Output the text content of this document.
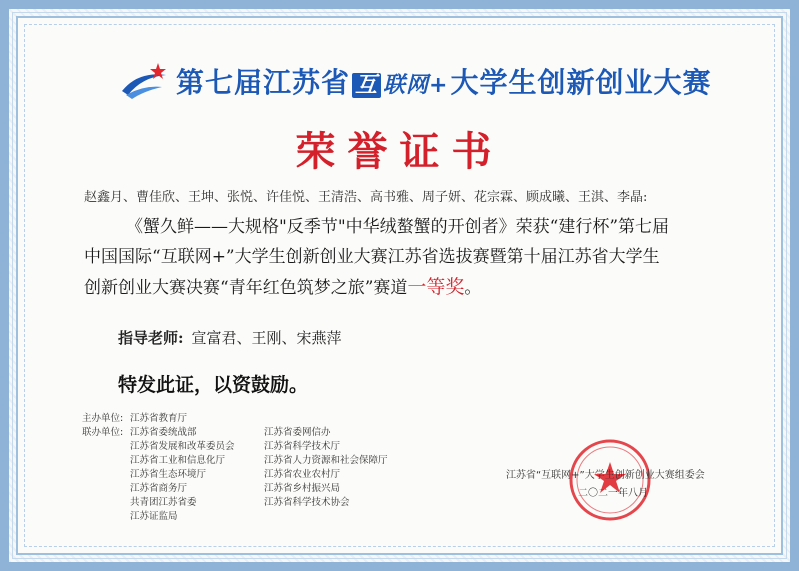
第七届江苏省 互 联网+大学生创新创业大赛
荣誉证书
赵鑫月、曹佳欣、王坤、张悦、许佳悦、王清浩、高书雅、周子妍、花宗霖、顾成曦、王淇、李晶:
《蟹久鲜——大规格"反季节"中华绒螯蟹的开创者》荣获“建行杯”第七届
中国国际“互联网+”大学生创新创业大赛江苏省选拔赛暨第十届江苏省大学生
创新创业大赛决赛“青年红色筑梦之旅”赛道一等奖。
指导老师: 宣富君、王刚、宋燕萍
特发此证，以资鼓励。
主办单位: 江苏省教育厅
联办单位: 江苏省委统战部
江苏省发展和改革委员会
江苏省工业和信息化厅
江苏省生态环境厅
江苏省商务厅
共青团江苏省委
江苏证监局
江苏省委网信办
江苏省科学技术厅
江苏省人力资源和社会保障厅
江苏省农业农村厅
江苏省乡村振兴局
江苏省科学技术协会
江苏省“互联网+”大学生创新创业大赛组委会
二〇二一年八月
